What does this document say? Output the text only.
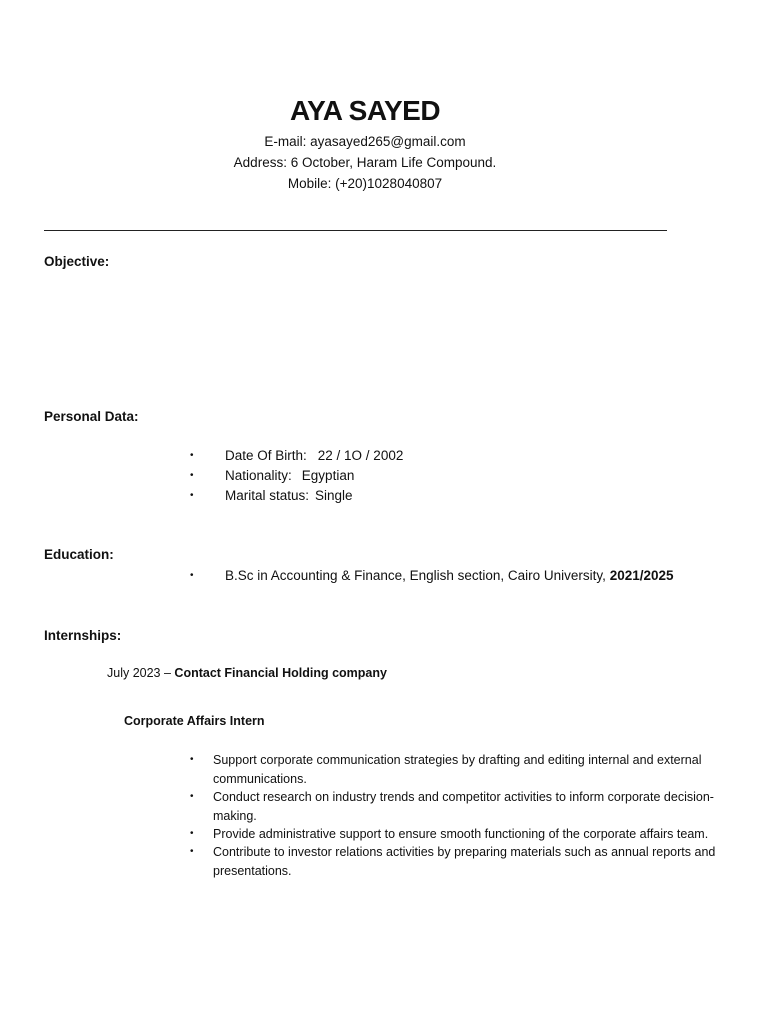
AYA SAYED
E-mail: ayasayed265@gmail.com
Address: 6 October, Haram Life Compound.
Mobile: (+20)1028040807
Objective:
Personal Data:
• Date Of Birth: 22 / 1O / 2002
• Nationality: Egyptian
• Marital status: Single
Education:
• B.Sc in Accounting & Finance, English section, Cairo University, 2021/2025
Internships:
July 2023 – Contact Financial Holding company
Corporate Affairs Intern
•	Support corporate communication strategies by drafting and editing internal and external communications.
•	Conduct research on industry trends and competitor activities to inform corporate decision-making.
•	Provide administrative support to ensure smooth functioning of the corporate affairs team.
•	Contribute to investor relations activities by preparing materials such as annual reports and presentations.
